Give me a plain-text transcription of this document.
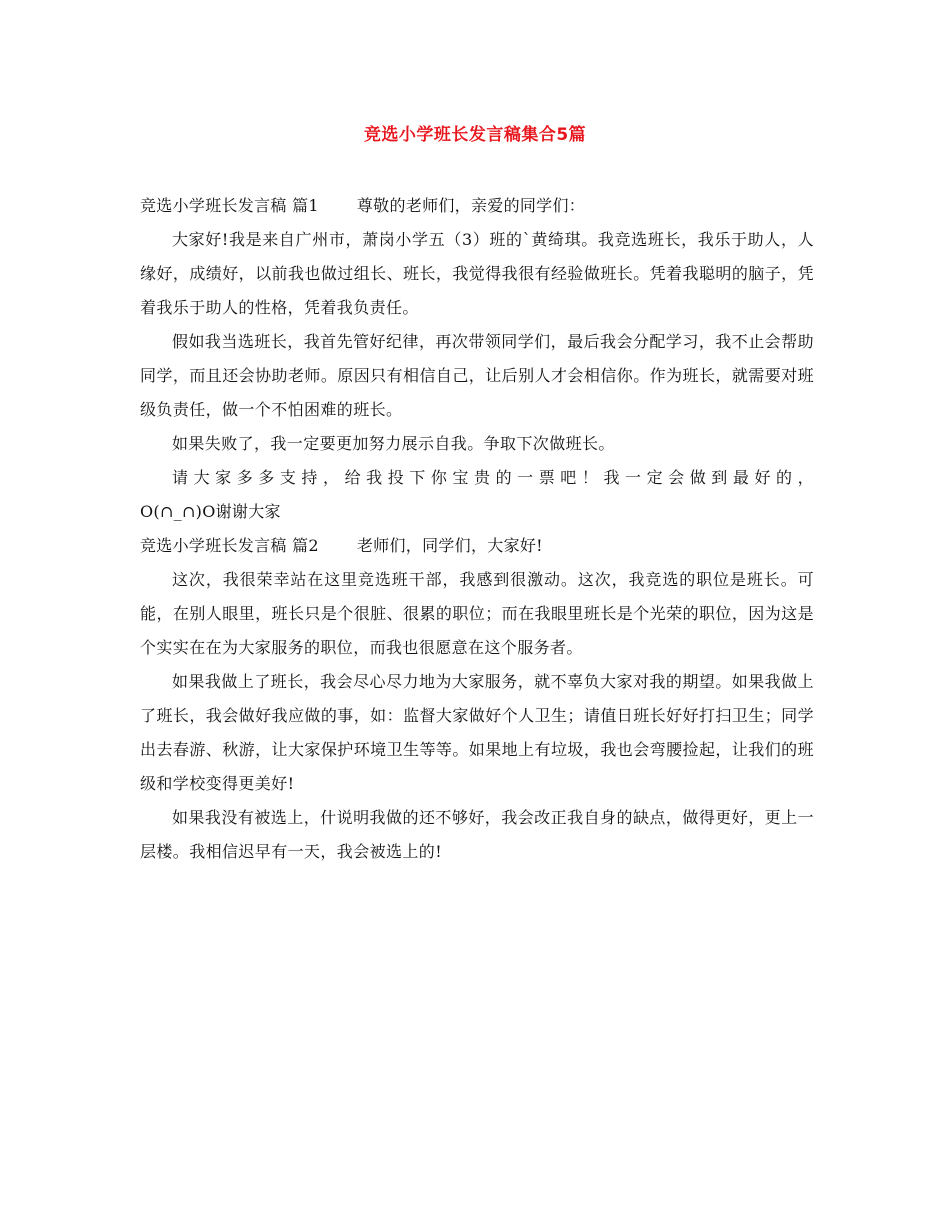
竞选小学班长发言稿集合5篇

竞选小学班长发言稿 篇1 尊敬的老师们，亲爱的同学们：

大家好!我是来自广州市，萧岗小学五（3）班的`黄绮琪。我竞选班长，我乐于助人，人缘好，成绩好，以前我也做过组长、班长，我觉得我很有经验做班长。凭着我聪明的脑子，凭着我乐于助人的性格，凭着我负责任。

假如我当选班长，我首先管好纪律，再次带领同学们，最后我会分配学习，我不止会帮助同学，而且还会协助老师。原因只有相信自己，让后别人才会相信你。作为班长，就需要对班级负责任，做一个不怕困难的班长。

如果失败了，我一定要更加努力展示自我。争取下次做班长。

请大家多多支持，给我投下你宝贵的一票吧！我一定会做到最好的，

O(∩_∩)O谢谢大家

竞选小学班长发言稿 篇2 老师们，同学们，大家好!

这次，我很荣幸站在这里竞选班干部，我感到很激动。这次，我竞选的职位是班长。可能，在别人眼里，班长只是个很脏、很累的职位；而在我眼里班长是个光荣的职位，因为这是个实实在在为大家服务的职位，而我也很愿意在这个服务者。

如果我做上了班长，我会尽心尽力地为大家服务，就不辜负大家对我的期望。如果我做上了班长，我会做好我应做的事，如：监督大家做好个人卫生；请值日班长好好打扫卫生；同学出去春游、秋游，让大家保护环境卫生等等。如果地上有垃圾，我也会弯腰捡起，让我们的班级和学校变得更美好!

如果我没有被选上，什说明我做的还不够好，我会改正我自身的缺点，做得更好，更上一层楼。我相信迟早有一天，我会被选上的!
